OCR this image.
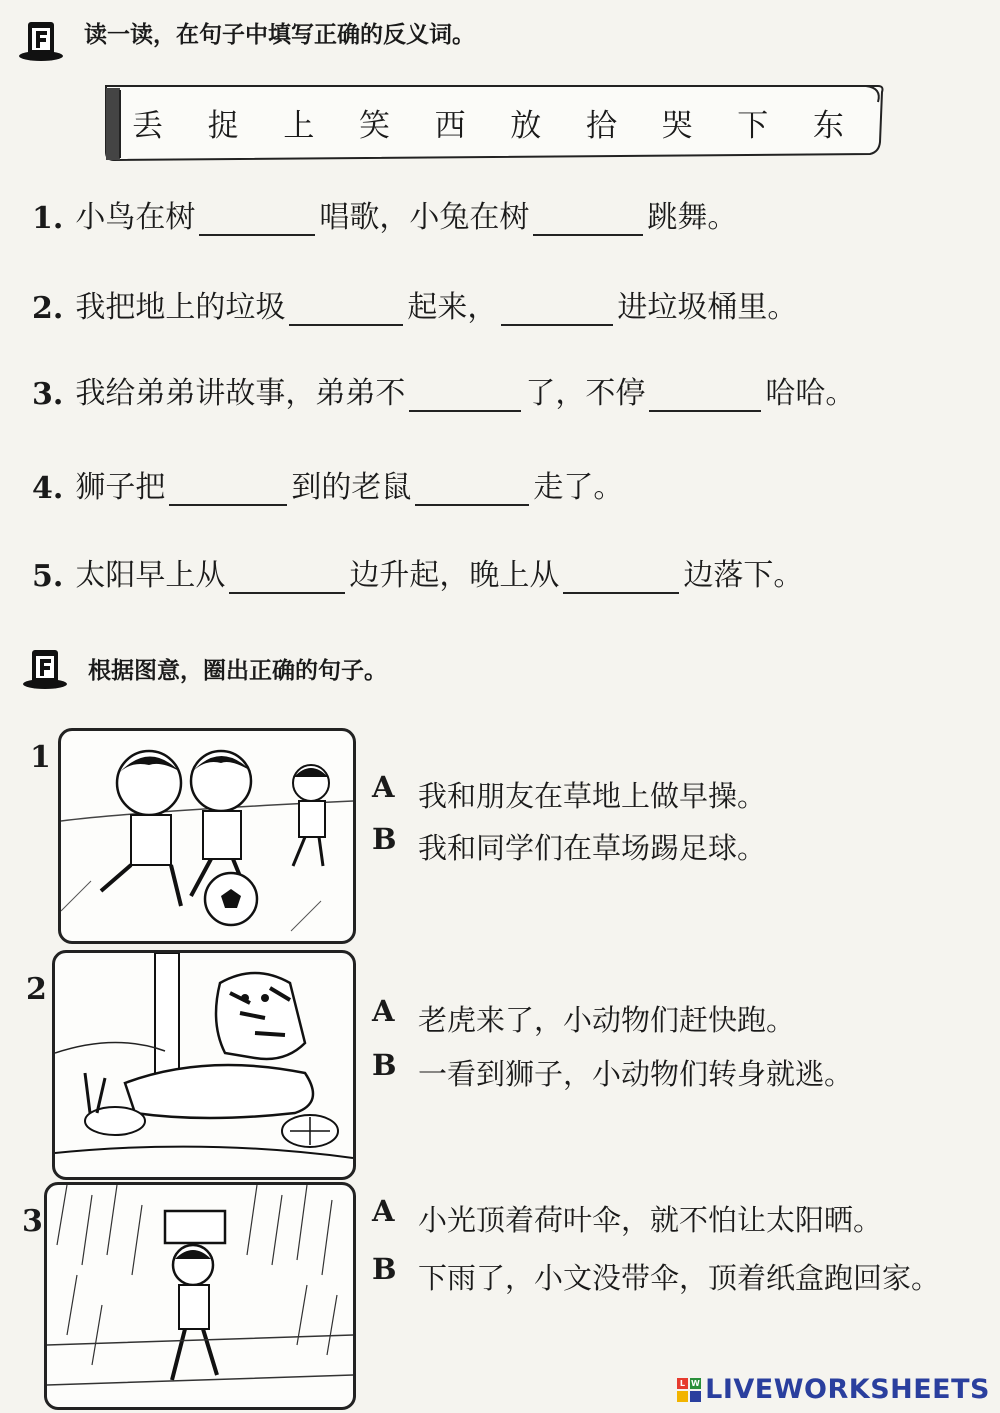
读一读，在句子中填写正确的反义词。
丢 捉 上 笑 西 放 拾 哭 下 东
1. 小鸟在树	唱歌，小兔在树	跳舞。
2. 我把地上的垃圾	起来，	进垃圾桶里。
3. 我给弟弟讲故事，弟弟不	了，不停	哈哈。
4. 狮子把	到的老鼠	走了。
5. 太阳早上从	边升起，晚上从	边落下。
根据图意，圈出正确的句子。
1
A 我和朋友在草地上做早操。
B 我和同学们在草场踢足球。
2
A 老虎来了，小动物们赶快跑。
B 一看到狮子，小动物们转身就逃。
3	A 小光顶着荷叶伞，就不怕让太阳晒。
B 下雨了，小文没带伞，顶着纸盒跑回家。
L W LIVEWORKSHEETS
